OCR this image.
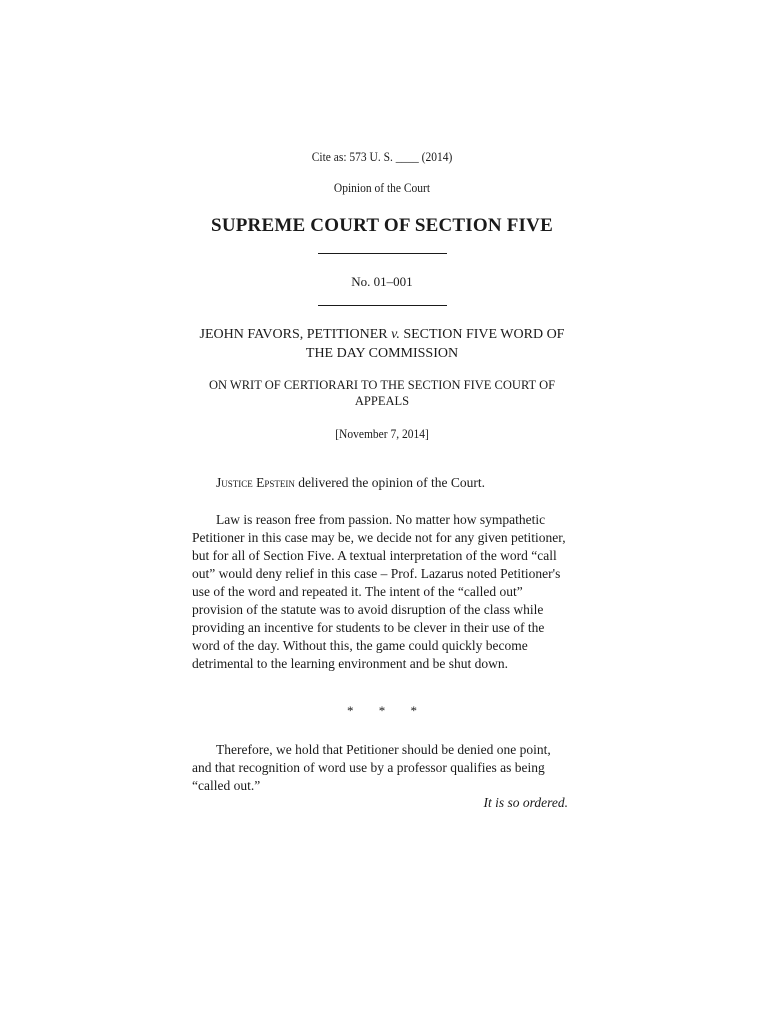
Cite as: 573 U. S. ____ (2014)
Opinion of the Court
SUPREME COURT OF SECTION FIVE
No. 01–001
JEOHN FAVORS, PETITIONER v. SECTION FIVE WORD OF THE DAY COMMISSION
ON WRIT OF CERTIORARI TO THE SECTION FIVE COURT OF APPEALS
[November 7, 2014]
Justice Epstein delivered the opinion of the Court.

Law is reason free from passion. No matter how sympathetic Petitioner in this case may be, we decide not for any given petitioner, but for all of Section Five. A textual interpretation of the word “call out” would deny relief in this case – Prof. Lazarus noted Petitioner's use of the word and repeated it. The intent of the “called out” provision of the statute was to avoid disruption of the class while providing an incentive for students to be clever in their use of the word of the day. Without this, the game could quickly become detrimental to the learning environment and be shut down.

* * *

Therefore, we hold that Petitioner should be denied one point, and that recognition of word use by a professor qualifies as being “called out.”

It is so ordered.
